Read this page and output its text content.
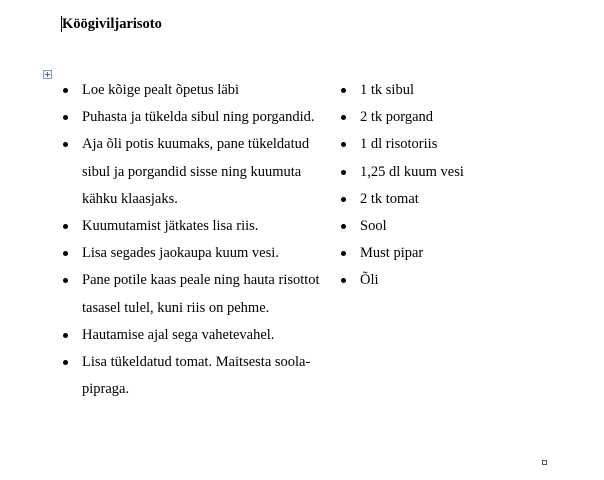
Köögiviljarisoto
Loe kõige pealt õpetus läbi
Puhasta ja tükelda sibul ning porgandid.
Aja õli potis kuumaks, pane tükeldatud sibul ja porgandid sisse ning kuumuta kähku klaasjaks.
Kuumutamist jätkates lisa riis.
Lisa segades jaokaupa kuum vesi.
Pane potile kaas peale ning hauta risottot tasasel tulel, kuni riis on pehme.
Hautamise ajal sega vahetevahel.
Lisa tükeldatud tomat. Maitsesta soola-pipraga.
1 tk sibul
2 tk porgand
1 dl risotoriis
1,25 dl kuum vesi
2 tk tomat
Sool
Must pipar
Õli
